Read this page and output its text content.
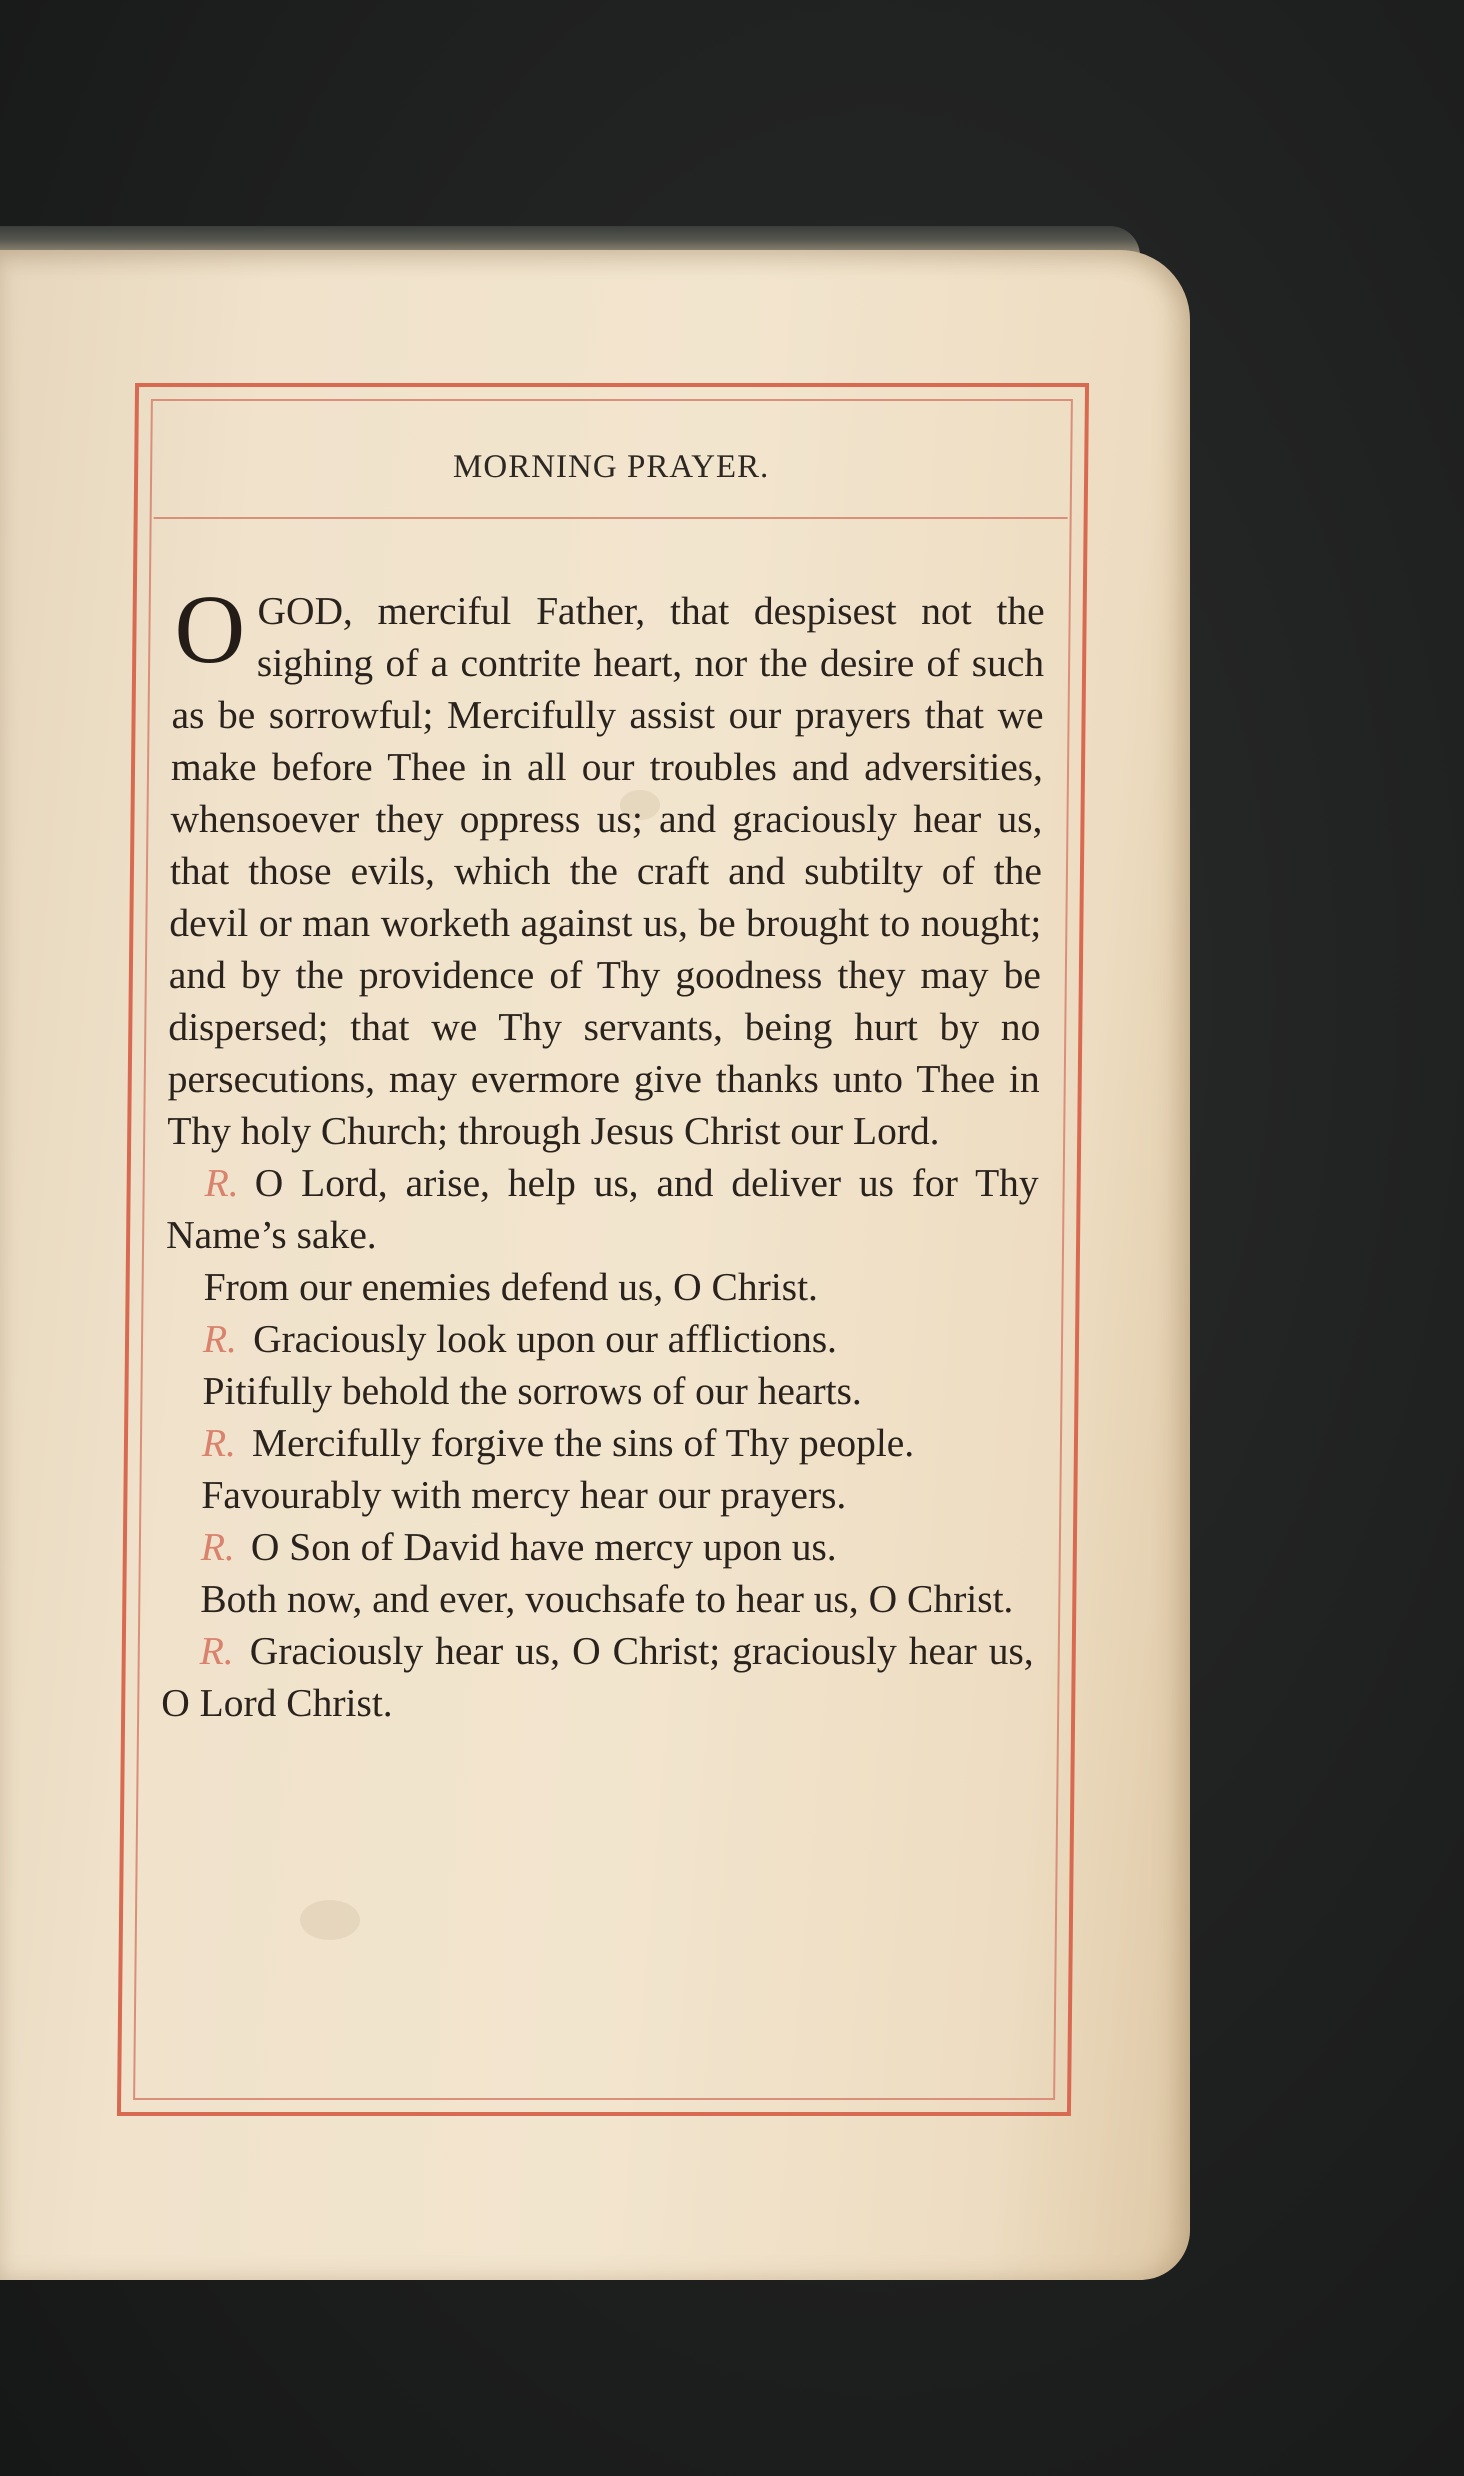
MORNING PRAYER.

OGOD, merciful Father, that despisest not the sighing of a contrite heart, nor the desire of such as be sorrowful; Mercifully assist our prayers that we make before Thee in all our troubles and adversities, whensoever they oppress us; and graciously hear us, that those evils, which the craft and subtilty of the devil or man worketh against us, be brought to nought; and by the providence of Thy goodness they may be dispersed; that we Thy servants, being hurt by no persecutions, may evermore give thanks unto Thee in Thy holy Church; through Jesus Christ our Lord.

R. O Lord, arise, help us, and deliver us for Thy Name’s sake.

From our enemies defend us, O Christ.

R. Graciously look upon our afflictions.

Pitifully behold the sorrows of our hearts.

R. Mercifully forgive the sins of Thy people.

Favourably with mercy hear our prayers.

R. O Son of David have mercy upon us.

Both now, and ever, vouchsafe to hear us, O Christ.

R. Graciously hear us, O Christ; graciously hear us, O Lord Christ.
